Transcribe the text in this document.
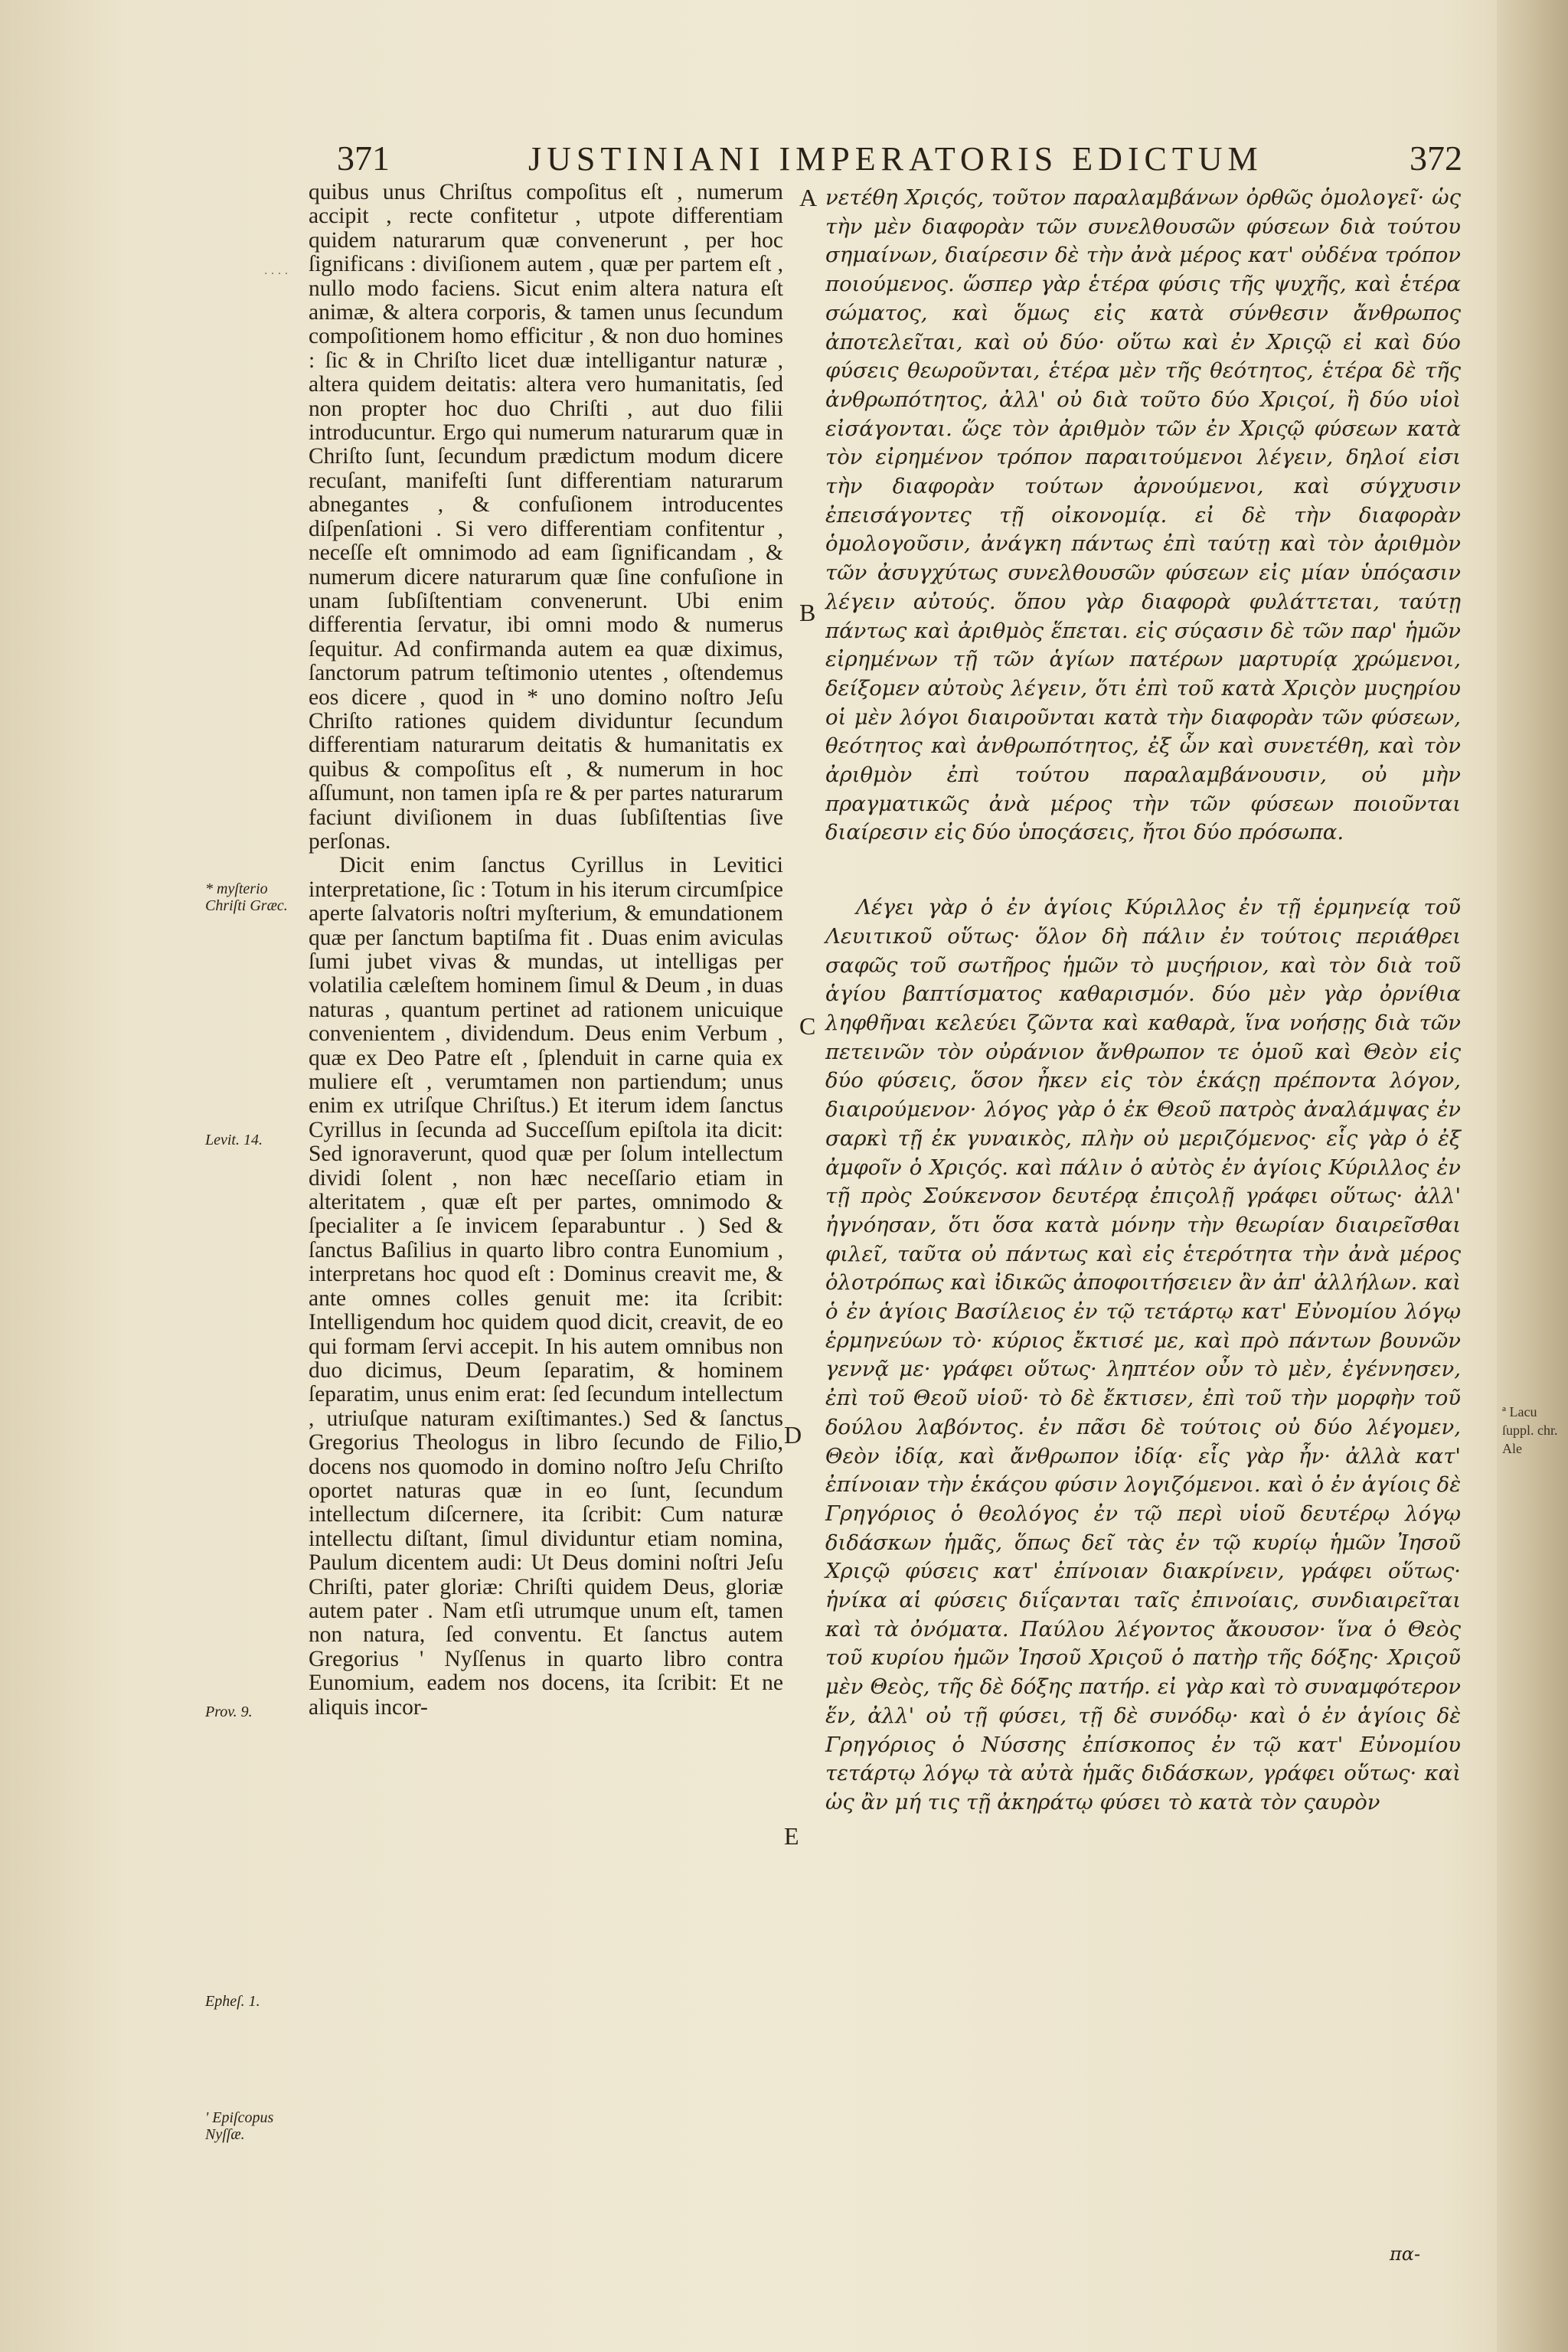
371	JUSTINIANI IMPERATORIS EDICTUM	372
· · · ·

quibus unus Chriſtus compoſitus eſt , numerum accipit , recte confitetur , utpote differentiam quidem naturarum quæ convenerunt , per hoc ſignificans : diviſionem autem , quæ per partem eſt , nullo modo faciens. Sicut enim altera natura eſt animæ, & altera corporis, & tamen unus ſecundum compoſitionem homo efficitur , & non duo homines : ſic & in Chriſto licet duæ intelligantur naturæ , altera quidem deitatis: altera vero humanitatis, ſed non propter hoc duo Chriſti , aut duo filii introducuntur. Ergo qui numerum naturarum quæ in Chriſto ſunt, ſecundum prædictum modum dicere recuſant, manifeſti ſunt differentiam naturarum abnegantes , & confuſionem introducentes diſpenſationi . Si vero differentiam confitentur , neceſſe eſt omnimodo ad eam ſignificandam , & numerum dicere naturarum quæ ſine confuſione in unam ſubſiſtentiam convenerunt. Ubi enim differentia ſervatur, ibi omni modo & numerus ſequitur. Ad confirmanda autem ea quæ diximus, ſanctorum patrum teſtimonio utentes , oſtendemus eos dicere , quod in * uno domino noſtro Jeſu Chriſto rationes quidem dividuntur ſecundum differentiam naturarum deitatis & humanitatis ex quibus & compoſitus eſt , & numerum in hoc aſſumunt, non tamen ipſa re & per partes naturarum faciunt diviſionem in duas ſubſiſtentias ſive perſonas.

Dicit enim ſanctus Cyrillus in Levitici interpretatione, ſic : Totum in his iterum circumſpice aperte ſalvatoris noſtri myſterium, & emundationem quæ per ſanctum baptiſma fit . Duas enim aviculas ſumi jubet vivas & mundas, ut intelligas per volatilia cæleſtem hominem ſimul & Deum , in duas naturas , quantum pertinet ad rationem unicuique convenientem , dividendum. Deus enim Verbum , quæ ex Deo Patre eſt , ſplenduit in carne quia ex muliere eſt , verumtamen non partiendum; unus enim ex utriſque Chriſtus.) Et iterum idem ſanctus Cyrillus in ſecunda ad Succeſſum epiſtola ita dicit: Sed ignoraverunt, quod quæ per ſolum intellectum dividi ſolent , non hæc neceſſario etiam in alteritatem , quæ eſt per partes, omnimodo & ſpecialiter a ſe invicem ſeparabuntur . ) Sed & ſanctus Baſilius in quarto libro contra Eunomium , interpretans hoc quod eſt : Dominus creavit me, & ante omnes colles genuit me: ita ſcribit: Intelligendum hoc quidem quod dicit, creavit, de eo qui formam ſervi accepit. In his autem omnibus non duo dicimus, Deum ſeparatim, & hominem ſeparatim, unus enim erat: ſed ſecundum intellectum , utriuſque naturam exiſtimantes.) Sed & ſanctus Gregorius Theologus in libro ſecundo de Filio, docens nos quomodo in domino noſtro Jeſu Chriſto oportet naturas quæ in eo ſunt, ſecundum intellectum diſcernere, ita ſcribit: Cum naturæ intellectu diſtant, ſimul dividuntur etiam nomina, Paulum dicentem audi: Ut Deus domini noſtri Jeſu Chriſti, pater gloriæ: Chriſti quidem Deus, gloriæ autem pater . Nam etſi utrumque unum eſt, tamen non natura, ſed conventu. Et ſanctus autem Gregorius ' Nyſſenus in quarto libro contra Eunomium, eadem nos docens, ita ſcribit: Et ne aliquis incor-

A
B
C
D
E

νετέθη Χριςός, τοῦτον παραλαμβάνων ὀρθῶς ὁμολογεῖ· ὡς τὴν μὲν διαφορὰν τῶν συνελθουσῶν φύσεων διὰ τούτου σημαίνων, διαίρεσιν δὲ τὴν ἀνὰ μέρος κατ' οὐδένα τρόπον ποιούμενος. ὥσπερ γὰρ ἑτέρα φύσις τῆς ψυχῆς, καὶ ἑτέρα σώματος, καὶ ὅμως εἰς κατὰ σύνθεσιν ἄνθρωπος ἀποτελεῖται, καὶ οὐ δύο· οὕτω καὶ ἐν Χριςῷ εἰ καὶ δύο φύσεις θεωροῦνται, ἑτέρα μὲν τῆς θεότητος, ἑτέρα δὲ τῆς ἀνθρωπότητος, ἀλλ' οὐ διὰ τοῦτο δύο Χριςοί, ἢ δύο υἱοὶ εἰσάγονται. ὥςε τὸν ἀριθμὸν τῶν ἐν Χριςῷ φύσεων κατὰ τὸν εἰρημένον τρόπον παραιτούμενοι λέγειν, δηλοί εἰσι τὴν διαφορὰν τούτων ἀρνούμενοι, καὶ σύγχυσιν ἐπεισάγοντες τῇ οἰκονομίᾳ. εἰ δὲ τὴν διαφορὰν ὁμολογοῦσιν, ἀνάγκη πάντως ἐπὶ ταύτῃ καὶ τὸν ἀριθμὸν τῶν ἀσυγχύτως συνελθουσῶν φύσεων εἰς μίαν ὑπόςασιν λέγειν αὐτούς. ὅπου γὰρ διαφορὰ φυλάττεται, ταύτῃ πάντως καὶ ἀριθμὸς ἕπεται. εἰς σύςασιν δὲ τῶν παρ' ἡμῶν εἰρημένων τῇ τῶν ἁγίων πατέρων μαρτυρίᾳ χρώμενοι, δείξομεν αὐτοὺς λέγειν, ὅτι ἐπὶ τοῦ κατὰ Χριςὸν μυςηρίου οἱ μὲν λόγοι διαιροῦνται κατὰ τὴν διαφορὰν τῶν φύσεων, θεότητος καὶ ἀνθρωπότητος, ἐξ ὧν καὶ συνετέθη, καὶ τὸν ἀριθμὸν ἐπὶ τούτου παραλαμβάνουσιν, οὐ μὴν πραγματικῶς ἀνὰ μέρος τὴν τῶν φύσεων ποιοῦνται διαίρεσιν εἰς δύο ὑποςάσεις, ἤτοι δύο πρόσωπα.

Λέγει γὰρ ὁ ἐν ἁγίοις Κύριλλος ἐν τῇ ἑρμηνείᾳ τοῦ Λευιτικοῦ οὕτως· ὅλον δὴ πάλιν ἐν τούτοις περιάθρει σαφῶς τοῦ σωτῆρος ἡμῶν τὸ μυςήριον, καὶ τὸν διὰ τοῦ ἁγίου βαπτίσματος καθαρισμόν. δύο μὲν γὰρ ὀρνίθια ληφθῆναι κελεύει ζῶντα καὶ καθαρὰ, ἵνα νοήσῃς διὰ τῶν πετεινῶν τὸν οὐράνιον ἄνθρωπον τε ὁμοῦ καὶ Θεὸν εἰς δύο φύσεις, ὅσον ἦκεν εἰς τὸν ἑκάςῃ πρέποντα λόγον, διαιρούμενον· λόγος γὰρ ὁ ἐκ Θεοῦ πατρὸς ἀναλάμψας ἐν σαρκὶ τῇ ἐκ γυναικὸς, πλὴν οὐ μεριζόμενος· εἷς γὰρ ὁ ἐξ ἀμφοῖν ὁ Χριςός. καὶ πάλιν ὁ αὐτὸς ἐν ἁγίοις Κύριλλος ἐν τῇ πρὸς Σούκενσον δευτέρᾳ ἐπιςολῇ γράφει οὕτως· ἀλλ' ἠγνόησαν, ὅτι ὅσα κατὰ μόνην τὴν θεωρίαν διαιρεῖσθαι φιλεῖ, ταῦτα οὐ πάντως καὶ εἰς ἑτερότητα τὴν ἀνὰ μέρος ὁλοτρόπως καὶ ἰδικῶς ἀποφοιτήσειεν ἂν ἀπ' ἀλλήλων. καὶ ὁ ἐν ἁγίοις Βασίλειος ἐν τῷ τετάρτῳ κατ' Εὐνομίου λόγῳ ἑρμηνεύων τὸ· κύριος ἔκτισέ με, καὶ πρὸ πάντων βουνῶν γεννᾷ με· γράφει οὕτως· ληπτέον οὖν τὸ μὲν, ἐγέννησεν, ἐπὶ τοῦ Θεοῦ υἱοῦ· τὸ δὲ ἔκτισεν, ἐπὶ τοῦ τὴν μορφὴν τοῦ δούλου λαβόντος. ἐν πᾶσι δὲ τούτοις οὐ δύο λέγομεν, Θεὸν ἰδίᾳ, καὶ ἄνθρωπον ἰδίᾳ· εἷς γὰρ ἦν· ἀλλὰ κατ' ἐπίνοιαν τὴν ἑκάςου φύσιν λογιζόμενοι. καὶ ὁ ἐν ἁγίοις δὲ Γρηγόριος ὁ θεολόγος ἐν τῷ περὶ υἱοῦ δευτέρῳ λόγῳ διδάσκων ἡμᾶς, ὅπως δεῖ τὰς ἐν τῷ κυρίῳ ἡμῶν Ἰησοῦ Χριςῷ φύσεις κατ' ἐπίνοιαν διακρίνειν, γράφει οὕτως· ἡνίκα αἱ φύσεις διΐςανται ταῖς ἐπινοίαις, συνδιαιρεῖται καὶ τὰ ὀνόματα. Παύλου λέγοντος ἄκουσον· ἵνα ὁ Θεὸς τοῦ κυρίου ἡμῶν Ἰησοῦ Χριςοῦ ὁ πατὴρ τῆς δόξης· Χριςοῦ μὲν Θεὸς, τῆς δὲ δόξης πατήρ. εἰ γὰρ καὶ τὸ συναμφότερον ἕν, ἀλλ' οὐ τῇ φύσει, τῇ δὲ συνόδῳ· καὶ ὁ ἐν ἁγίοις δὲ Γρηγόριος ὁ Νύσσης ἐπίσκοπος ἐν τῷ κατ' Εὐνομίου τετάρτῳ λόγῳ τὰ αὐτὰ ἡμᾶς διδάσκων, γράφει οὕτως· καὶ ὡς ἂν μή τις τῇ ἀκηράτῳ φύσει τὸ κατὰ τὸν ςαυρὸν

* myſterio Chriſti Græc.
Levit. 14.
Prov. 9.
Epheſ. 1.
' Epiſcopus Nyſſæ.
ª Lacu ſuppl. chr. Ale
πα-
